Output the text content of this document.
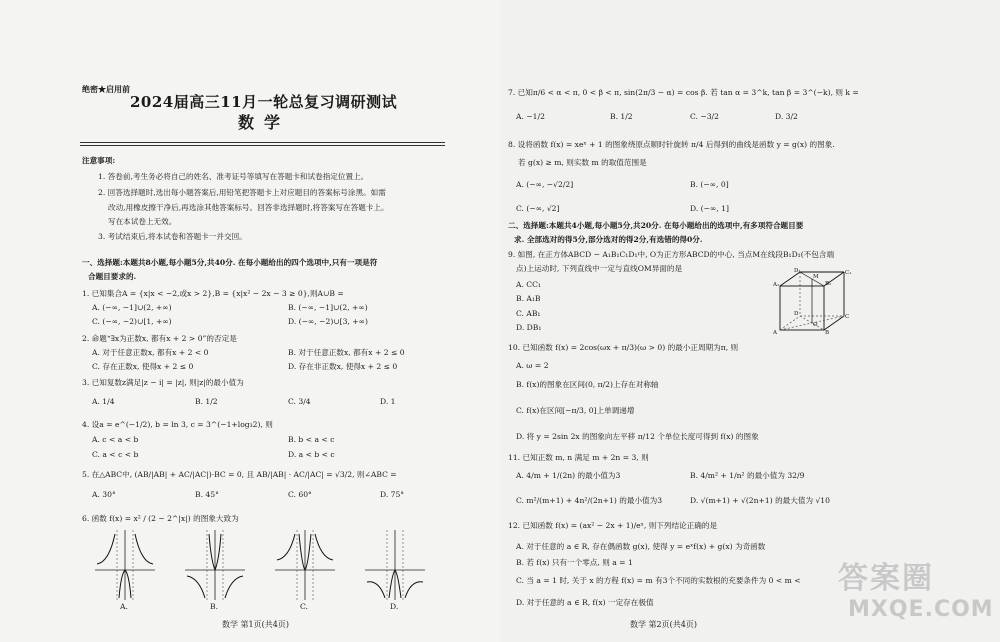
绝密★启用前
2024届高三11月一轮总复习调研测试
数学
注意事项:
1. 答卷前,考生务必将自己的姓名、准考证号等填写在答题卡和试卷指定位置上。
2. 回答选择题时,选出每小题答案后,用铅笔把答题卡上对应题目的答案标号涂黑。如需
改动,用橡皮擦干净后,再选涂其他答案标号。回答非选择题时,将答案写在答题卡上。
写在本试卷上无效。
3. 考试结束后,将本试卷和答题卡一并交回。
一、选择题:本题共8小题,每小题5分,共40分. 在每小题给出的四个选项中,只有一项是符
合题目要求的.
1. 已知集合A = {x|x < −2,或x > 2},B = {x|x² − 2x − 3 ≥ 0},则A∪B =
A. (−∞, −1]∪(2, +∞)	B. (−∞, −1]∪(2, +∞)
C. (−∞, −2)∪[1, +∞)	D. (−∞, −2)∪[3, +∞)
2. 命题“∃x为正数x, 都有x + 2 > 0”的否定是
A. 对于任意正数x, 都有x + 2 < 0	B. 对于任意正数x, 都有x + 2 ≤ 0
C. 存在正数x, 使得x + 2 ≤ 0	D. 存在非正数x, 使得x + 2 ≤ 0
3. 已知复数z满足|z − i| = |z|, 则|z|的最小值为
A. 1/4	B. 1/2	C. 3/4	D. 1
4. 设a = e^(−1/2), b = ln 3, c = 3^(−1+log₃2), 则
A. c < a < b	B. b < a < c
C. a < c < b	D. a < b < c
5. 在△ABC中, (AB/|AB| + AC/|AC|)·BC = 0, 且 AB/|AB| · AC/|AC| = √3/2, 则∠ABC =
A. 30°	B. 45°	C. 60°	D. 75°
6. 函数 f(x) = x² / (2 − 2^|x|) 的图象大致为
A.	B.	C.	D.
数学 第1页(共4页)
7. 已知π/6 < α < π, 0 < β < π, sin(2π/3 − α) = cos β. 若 tan α = 3^k, tan β = 3^(−k), 则 k =
A. −1/2	B. 1/2	C. −3/2	D. 3/2
8. 设将函数 f(x) = xeˣ + 1 的图象绕原点顺时针旋转 π/4 后得到的曲线是函数 y = g(x) 的图象.
若 g(x) ≥ m, 则实数 m 的取值范围是
A. (−∞, −√2/2]	B. (−∞, 0]
C. (−∞, √2]	D. (−∞, 1]
二、选择题:本题共4小题,每小题5分,共20分. 在每小题给出的选项中,有多项符合题目要
求. 全部选对的得5分,部分选对的得2分,有选错的得0分.
9. 如图, 在正方体ABCD − A₁B₁C₁D₁中, O为正方形ABCD的中心, 当点M在线段B₁D₁(不包含端
点)上运动时, 下列直线中一定与直线OM异面的是
A. CC₁
B. A₁B
C. AB₁
D. DB₁
A₁	B₁
D₁	C₁
A	B
D	C
M
O
10. 已知函数 f(x) = 2cos(ωx + π/3)(ω > 0) 的最小正周期为π, 则
A. ω = 2
B. f(x)的图象在区间(0, π/2)上存在对称轴
C. f(x)在区间[−π/3, 0]上单调递增
D. 将 y = 2sin 2x 的图象向左平移 π/12 个单位长度可得到 f(x) 的图象
11. 已知正数 m, n 满足 m + 2n = 3, 则
A. 4/m + 1/(2n) 的最小值为3	B. 4/m² + 1/n² 的最小值为 32/9
C. m²/(m+1) + 4n²/(2n+1) 的最小值为3	D. √(m+1) + √(2n+1) 的最大值为 √10
12. 已知函数 f(x) = (ax² − 2x + 1)/eˣ, 则下列结论正确的是
A. 对于任意的 a ∈ R, 存在偶函数 g(x), 使得 y = eˣf(x) + g(x) 为奇函数
B. 若 f(x) 只有一个零点, 则 a = 1
C. 当 a = 1 时, 关于 x 的方程 f(x) = m 有3个不同的实数根的充要条件为 0 < m <
D. 对于任意的 a ∈ R, f(x) 一定存在极值
数学 第2页(共4页)
答案圈
MXQE.COM
